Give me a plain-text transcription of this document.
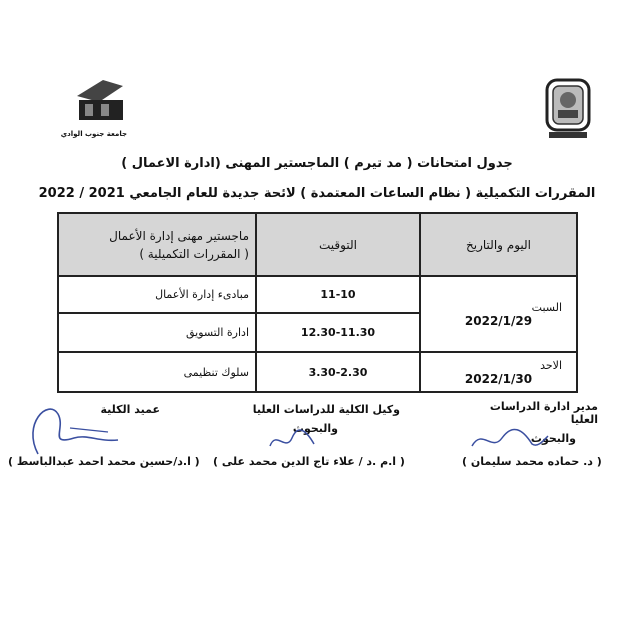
جامعة جنوب الوادي
جدول امتحانات ( مد تيرم ) الماجستير المهنى (ادارة الاعمال )
المقررات التكميلية ( نظام الساعات المعتمدة ) لائحة جديدة للعام الجامعي 2021 / 2022
اليوم والتاريخ	التوقيت	ماجستير مهنى إدارة الأعمال
( المقررات التكميلية )

السبت
2022/1/29	11-10	مبادىء إدارة الأعمال
	12.30-11.30	ادارة التسويق

الاحد
2022/1/30	3.30-2.30	سلوك تنظيمى
مدير ادارة الدراسات العليا
والبحوث
( د. حماده محمد سليمان )
وكيل الكلية للدراسات العليا
والبحوث
( ا.م .د / علاء تاج الدين محمد على )
عميد الكلية
( ا.د/حسين محمد احمد عبدالباسط )
